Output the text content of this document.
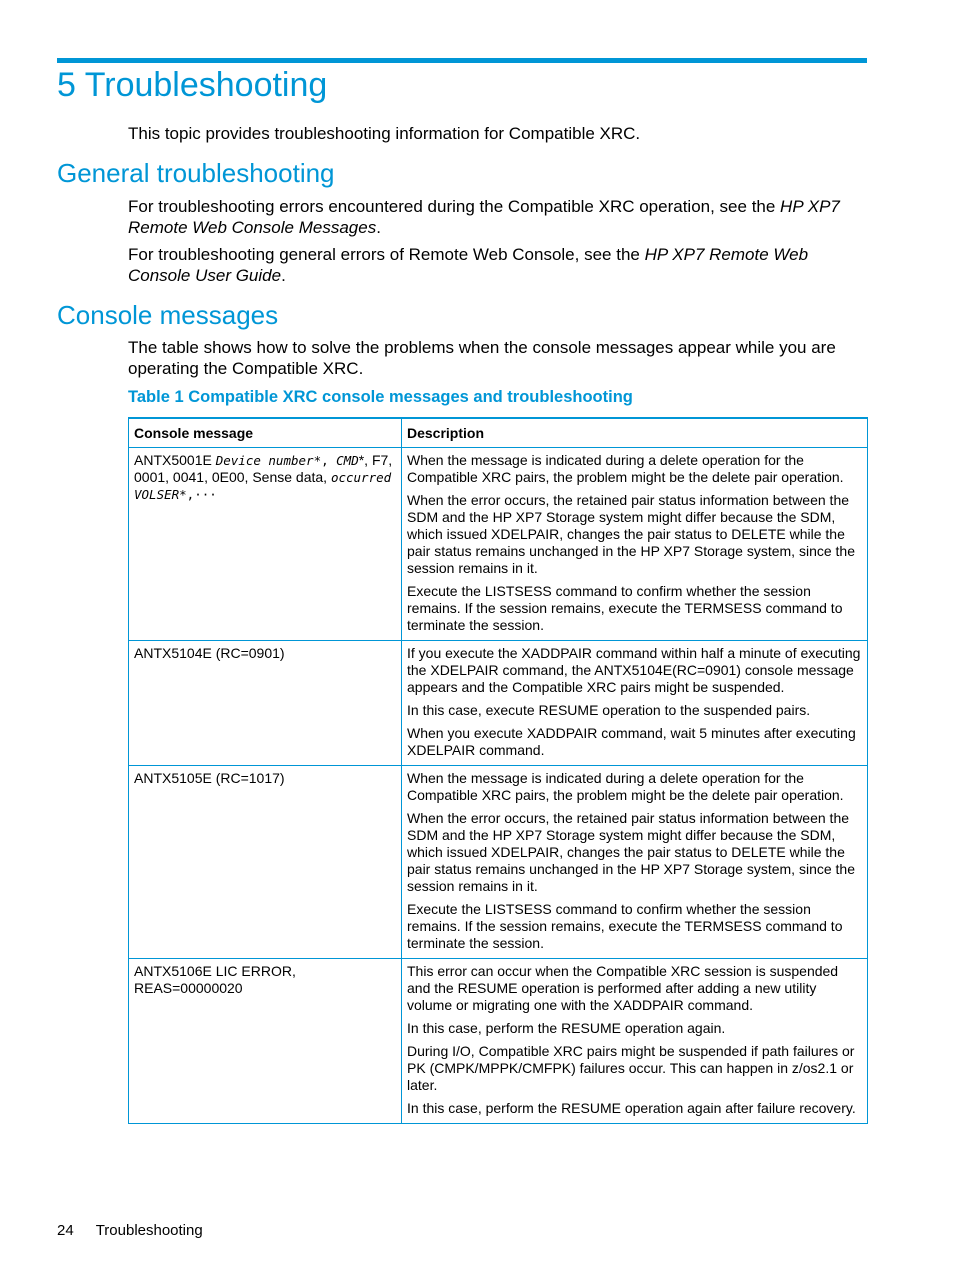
5 Troubleshooting
This topic provides troubleshooting information for Compatible XRC.
General troubleshooting
For troubleshooting errors encountered during the Compatible XRC operation, see the HP XP7 Remote Web Console Messages.
For troubleshooting general errors of Remote Web Console, see the HP XP7 Remote Web Console User Guide.
Console messages
The table shows how to solve the problems when the console messages appear while you are operating the Compatible XRC.
Table 1 Compatible XRC console messages and troubleshooting
Console message	Description
ANTX5001E Device number*, CMD*, F7, 0001, 0041, 0E00, Sense data, occurred VOLSER*,···	When the message is indicated during a delete operation for the Compatible XRC pairs, the problem might be the delete pair operation.

When the error occurs, the retained pair status information between the SDM and the HP XP7 Storage system might differ because the SDM, which issued XDELPAIR, changes the pair status to DELETE while the pair status remains unchanged in the HP XP7 Storage system, since the session remains in it.

Execute the LISTSESS command to confirm whether the session remains. If the session remains, execute the TERMSESS command to terminate the session.

ANTX5104E (RC=0901)	If you execute the XADDPAIR command within half a minute of executing the XDELPAIR command, the ANTX5104E(RC=0901) console message appears and the Compatible XRC pairs might be suspended.

In this case, execute RESUME operation to the suspended pairs.

When you execute XADDPAIR command, wait 5 minutes after executing XDELPAIR command.

ANTX5105E (RC=1017)	When the message is indicated during a delete operation for the Compatible XRC pairs, the problem might be the delete pair operation.

When the error occurs, the retained pair status information between the SDM and the HP XP7 Storage system might differ because the SDM, which issued XDELPAIR, changes the pair status to DELETE while the pair status remains unchanged in the HP XP7 Storage system, since the session remains in it.

Execute the LISTSESS command to confirm whether the session remains. If the session remains, execute the TERMSESS command to terminate the session.

ANTX5106E LIC ERROR, REAS=00000020	This error can occur when the Compatible XRC session is suspended and the RESUME operation is performed after adding a new utility volume or migrating one with the XADDPAIR command.

In this case, perform the RESUME operation again.

During I/O, Compatible XRC pairs might be suspended if path failures or PK (CMPK/MPPK/CMFPK) failures occur. This can happen in z/os2.1 or later.

In this case, perform the RESUME operation again after failure recovery.

24 Troubleshooting
